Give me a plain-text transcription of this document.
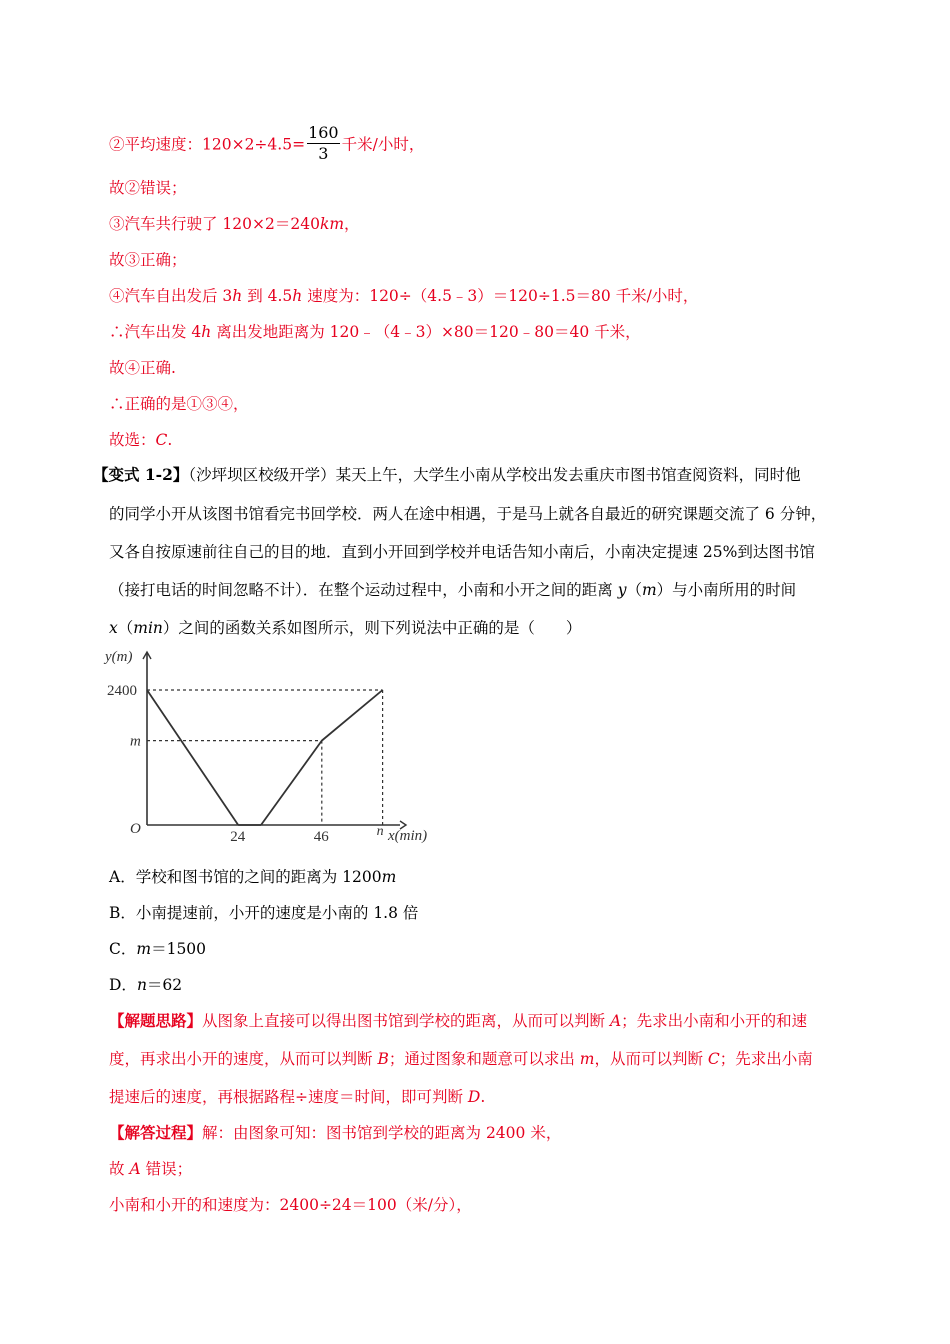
②平均速度：$120\times 2\div 4.5= \frac{160}{3}$ 千米/小时，
故②错误；
③汽车共行驶了 120×2＝240km，
故③正确；
④汽车自出发后 3h 到 4.5h 速度为：120÷（4.5﹣3）＝120÷1.5＝80 千米/小时，
∴汽车出发 4h 离出发地距离为 120﹣（4﹣3）×80＝120﹣80＝40 千米，
故④正确.
∴正确的是①③④，
故选：C.
【变式 1-2】（沙坪坝区校级开学）某天上午，大学生小南从学校出发去重庆市图书馆查阅资料，同时他
的同学小开从该图书馆看完书回学校．两人在途中相遇，于是马上就各自最近的研究课题交流了 6 分钟，
又各自按原速前往自己的目的地．直到小开回到学校并电话告知小南后，小南决定提速 25%到达图书馆
（接打电话的时间忽略不计）．在整个运动过程中，小南和小开之间的距离 y（m）与小南所用的时间
x（min）之间的函数关系如图所示，则下列说法中正确的是（　　）
y(m)
x(min)
O
2400
m
24	46	n
A．学校和图书馆的之间的距离为 1200m
B．小南提速前，小开的速度是小南的 1.8 倍
C．m＝1500
D．n＝62
【解题思路】从图象上直接可以得出图书馆到学校的距离，从而可以判断 A；先求出小南和小开的和速
度，再求出小开的速度，从而可以判断 B；通过图象和题意可以求出 m，从而可以判断 C；先求出小南
提速后的速度，再根据路程÷速度＝时间，即可判断 D.
【解答过程】解：由图象可知：图书馆到学校的距离为 2400 米，
故 A 错误；
小南和小开的和速度为：2400÷24＝100（米/分），
